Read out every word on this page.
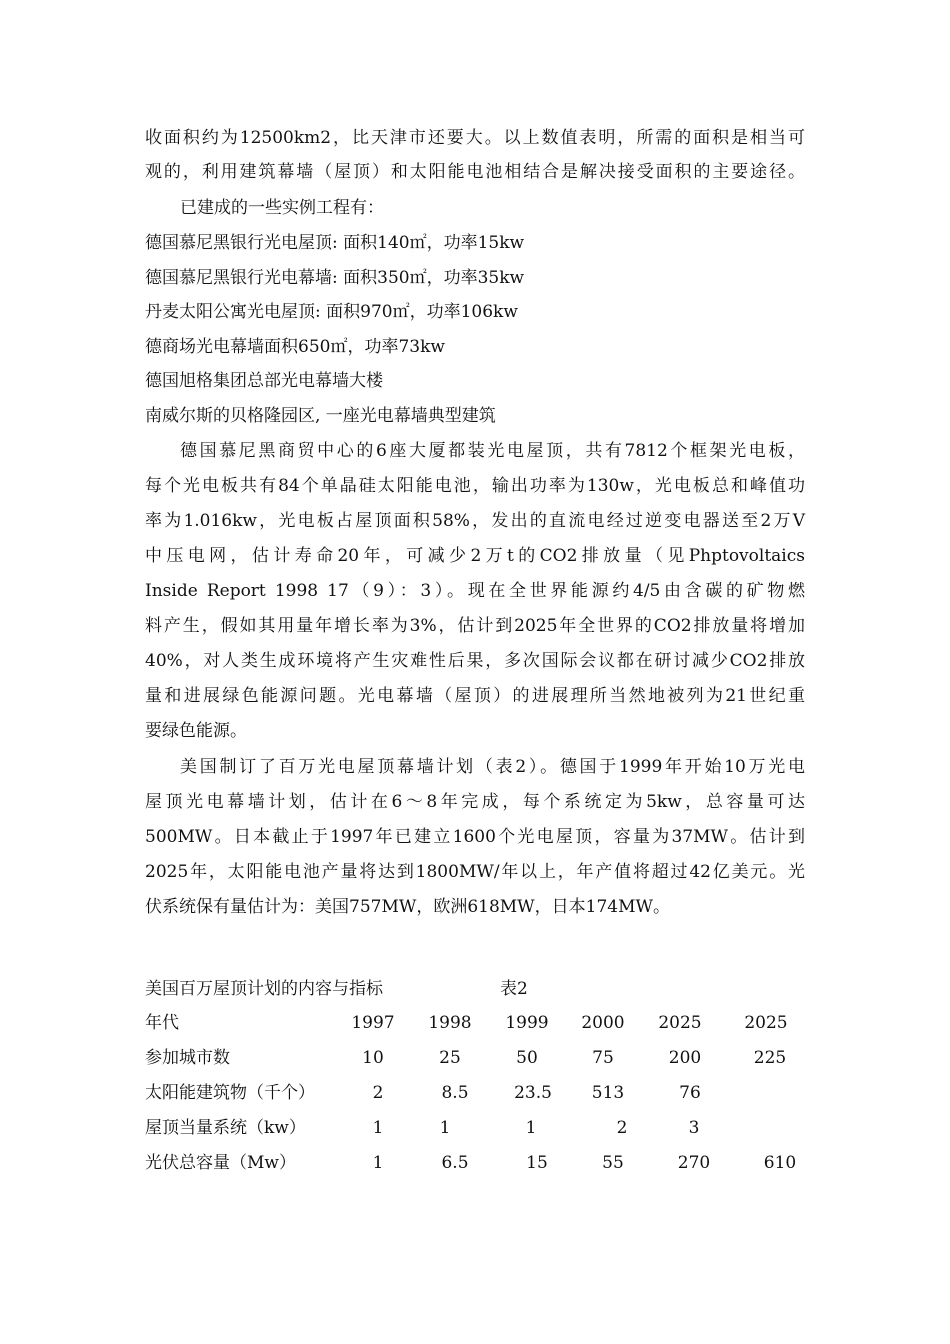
收面积约为12500km2，比天津市还要大。以上数值表明，所需的面积是相当可
观的，利用建筑幕墙（屋顶）和太阳能电池相结合是解决接受面积的主要途径。
已建成的一些实例工程有：
德国慕尼黑银行光电屋顶: 面积140㎡，功率15kw
德国慕尼黑银行光电幕墙: 面积350㎡，功率35kw
丹麦太阳公寓光电屋顶: 面积970㎡，功率106kw
德商场光电幕墙面积650㎡，功率73kw
德国旭格集团总部光电幕墙大楼
南威尔斯的贝格隆园区, 一座光电幕墙典型建筑
德国慕尼黑商贸中心的6座大厦都装光电屋顶，共有7812个框架光电板，
每个光电板共有84个单晶硅太阳能电池，输出功率为130w，光电板总和峰值功
率为1.016kw，光电板占屋顶面积58%，发出的直流电经过逆变电器送至2万V
中压电网，估计寿命20年，可减少2万t的CO2排放量（见Phptovoltaics
Inside Report 1998 17（9）：3）。现在全世界能源约4/5由含碳的矿物燃
料产生，假如其用量年增长率为3%，估计到2025年全世界的CO2排放量将增加
40%，对人类生成环境将产生灾难性后果，多次国际会议都在研讨减少CO2排放
量和进展绿色能源问题。光电幕墙（屋顶）的进展理所当然地被列为21世纪重
要绿色能源。
美国制订了百万光电屋顶幕墙计划（表2）。德国于1999年开始10万光电
屋顶光电幕墙计划，估计在6～8年完成，每个系统定为5kw，总容量可达
500MW。日本截止于1997年已建立1600个光电屋顶，容量为37MW。估计到
2025年，太阳能电池产量将达到1800MW/年以上，年产值将超过42亿美元。光
伏系统保有量估计为：美国757MW，欧洲618MW，日本174MW。
美国百万屋顶计划的内容与指标	表2
年代	1997	1998	1999	2000	2025	2025
参加城市数	10	25	50	75	200	225
太阳能建筑物（千个）	2	8.5	23.5	513	76
屋顶当量系统（kw）	1	1	1	2	3
光伏总容量（Mw）	1	6.5	15	55	270	610
